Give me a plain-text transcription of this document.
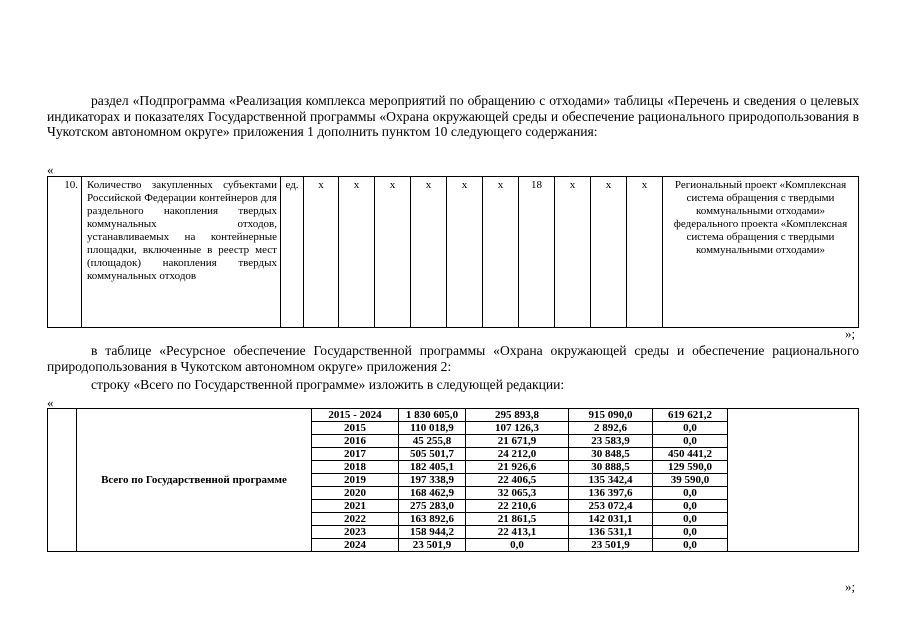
раздел «Подпрограмма «Реализация комплекса мероприятий по обращению с отходами» таблицы «Перечень и сведения о целевых индикаторах и показателях Государственной программы «Охрана окружающей среды и обеспечение рационального природопользования в Чукотском автономном округе» приложения 1 дополнить пунктом 10 следующего содержания:
«
10.	Количество закупленных субъектами Российской Федерации контейнеров для раздельного накопления твердых коммунальных отходов, устанавливаемых на контейнерные площадки, включенные в реестр мест (площадок) накопления твердых коммунальных отходов	ед.	х	х	х	х	х	х	18	х	х	х	Региональный проект «Комплексная система обращения с твердыми коммунальными отходами» федерального проекта «Комплексная система обращения с твердыми коммунальными отходами»
»;
в таблице «Ресурсное обеспечение Государственной программы «Охрана окружающей среды и обеспечение рационального природопользования в Чукотском автономном округе» приложения 2:
строку «Всего по Государственной программе» изложить в следующей редакции:
«
	Всего по Государственной программе	2015 - 2024	1 830 605,0	295 893,8	915 090,0	619 621,2	
		2015	110 018,9	107 126,3	2 892,6	0,0	
		2016	45 255,8	21 671,9	23 583,9	0,0	
		2017	505 501,7	24 212,0	30 848,5	450 441,2	
		2018	182 405,1	21 926,6	30 888,5	129 590,0	
		2019	197 338,9	22 406,5	135 342,4	39 590,0	
		2020	168 462,9	32 065,3	136 397,6	0,0	
		2021	275 283,0	22 210,6	253 072,4	0,0	
		2022	163 892,6	21 861,5	142 031,1	0,0	
		2023	158 944,2	22 413,1	136 531,1	0,0	
		2024	23 501,9	0,0	23 501,9	0,0	
»;
